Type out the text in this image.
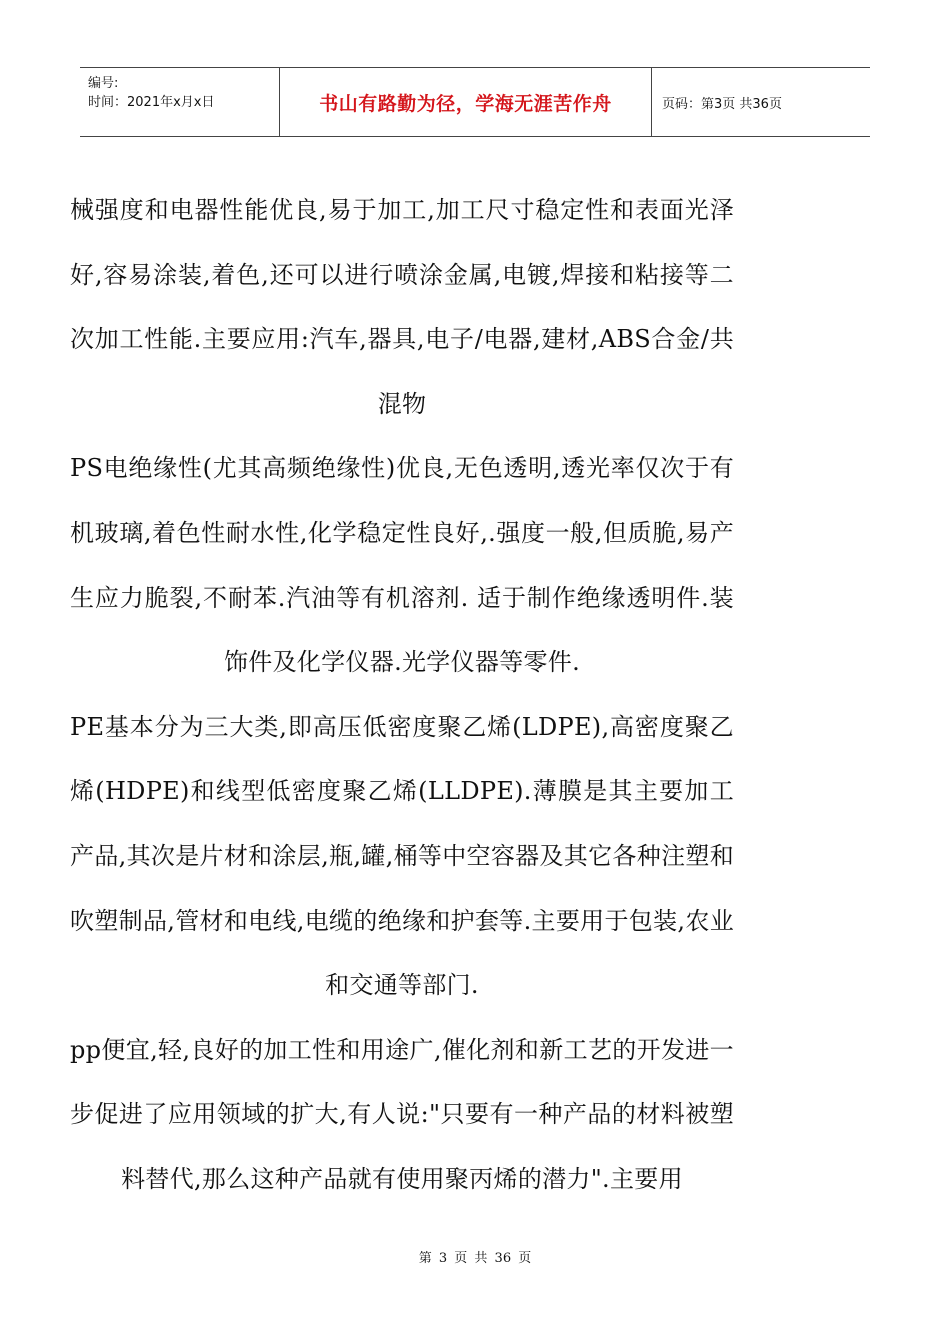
编号:
时间：2021年x月x日	书山有路勤为径，学海无涯苦作舟	页码：第3页 共36页

械强度和电器性能优良,易于加工,加工尺寸稳定性和表面光泽好,容易涂装,着色,还可以进行喷涂金属,电镀,焊接和粘接等二次加工性能.主要应用:汽车,器具,电子/电器,建材,ABS合金/共混物

PS电绝缘性(尤其高频绝缘性)优良,无色透明,透光率仅次于有机玻璃,着色性耐水性,化学稳定性良好,.强度一般,但质脆,易产生应力脆裂,不耐苯.汽油等有机溶剂. 适于制作绝缘透明件.装饰件及化学仪器.光学仪器等零件.

PE基本分为三大类,即高压低密度聚乙烯(LDPE),高密度聚乙烯(HDPE)和线型低密度聚乙烯(LLDPE).薄膜是其主要加工产品,其次是片材和涂层,瓶,罐,桶等中空容器及其它各种注塑和吹塑制品,管材和电线,电缆的绝缘和护套等.主要用于包装,农业和交通等部门.

pp便宜,轻,良好的加工性和用途广,催化剂和新工艺的开发进一步促进了应用领域的扩大,有人说:"只要有一种产品的材料被塑料替代,那么这种产品就有使用聚丙烯的潜力".主要用

第 3 页 共 36 页
